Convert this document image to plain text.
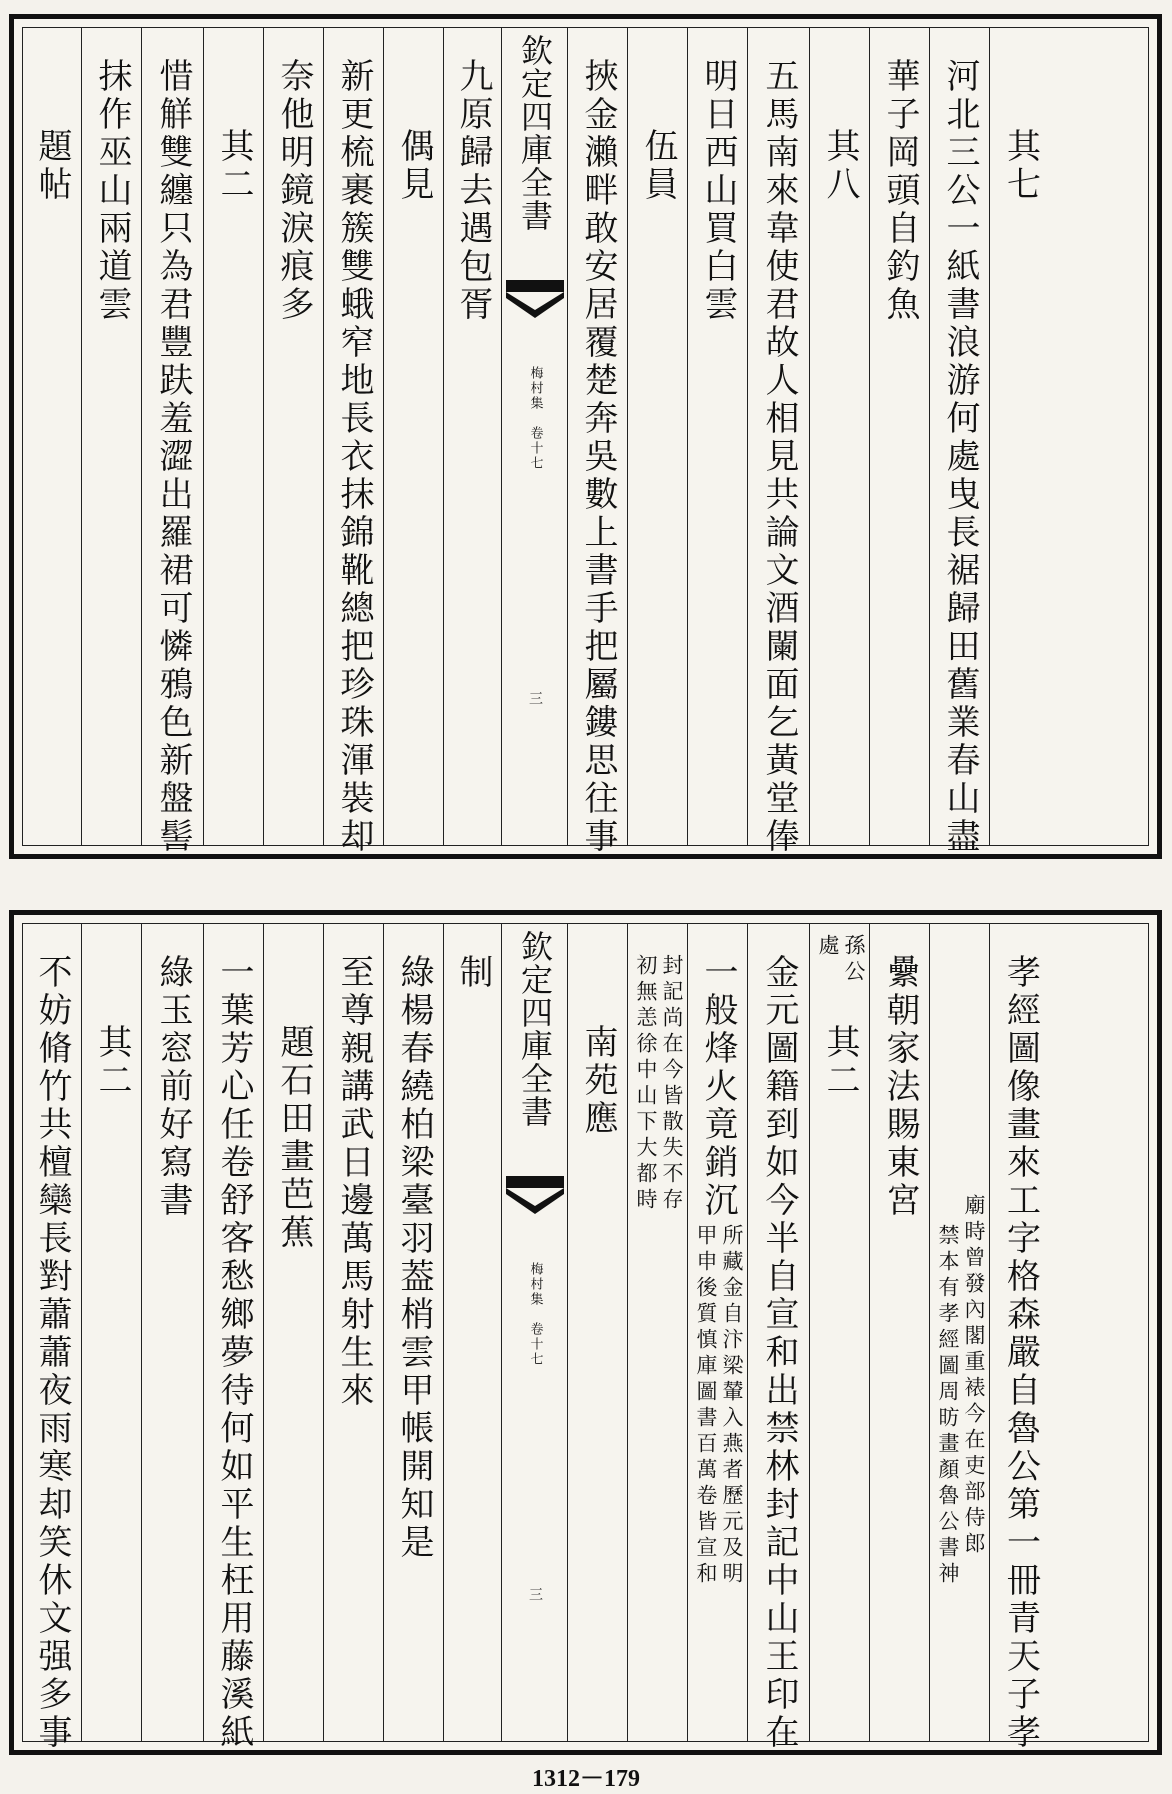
題帖 抹作巫山兩道雲 惜觧雙纏只為君豐趺羞澀出羅裙可憐鴉色新盤髻 其二 奈他明鏡淚痕多 新更梳裹簇雙蛾窄地長衣抹錦靴總把珍珠渾裝却 偶見 九原歸去遇包胥 欽定四庫全書
梅村集　卷十七
三 挾金瀨畔敢安居覆楚奔吳數上書手把屬鏤思往事 伍員 明日西山買白雲 五馬南來韋使君故人相見共論文酒闌面乞黃堂俸 其八 華子岡頭自釣魚 河北三公一紙書浪游何處曳長裾歸田舊業春山盡 其七
不妨脩竹共檀欒長對蕭蕭夜雨寒却笑休文强多事 其二 綠玉窓前好寫書 一葉芳心任卷舒客愁鄉夢待何如平生枉用藤溪紙 題石田畫芭蕉 至尊親講武日邊萬馬射生來 綠楊春繞柏梁臺羽葢梢雲甲帳開知是 制 欽定四庫全書
梅村集　卷十七
三
南苑應 初無恙徐中山下大都時 封記尚在今皆散失不存 一般烽火竟銷沉
甲申後質慎庫圖書百萬卷皆宣和 所藏金自汴梁輦入燕者歷元及明 金元圖籍到如今半自宣和出禁林封記中山王印在 其二
處 孫公 纍朝家法賜東宮
禁本有孝經圖周昉畫顏魯公書神 廟時曾發內閣重裱今在吏部侍郎 孝經圖像畫來工字格森嚴自魯公第一冊青天子孝
1312－179
